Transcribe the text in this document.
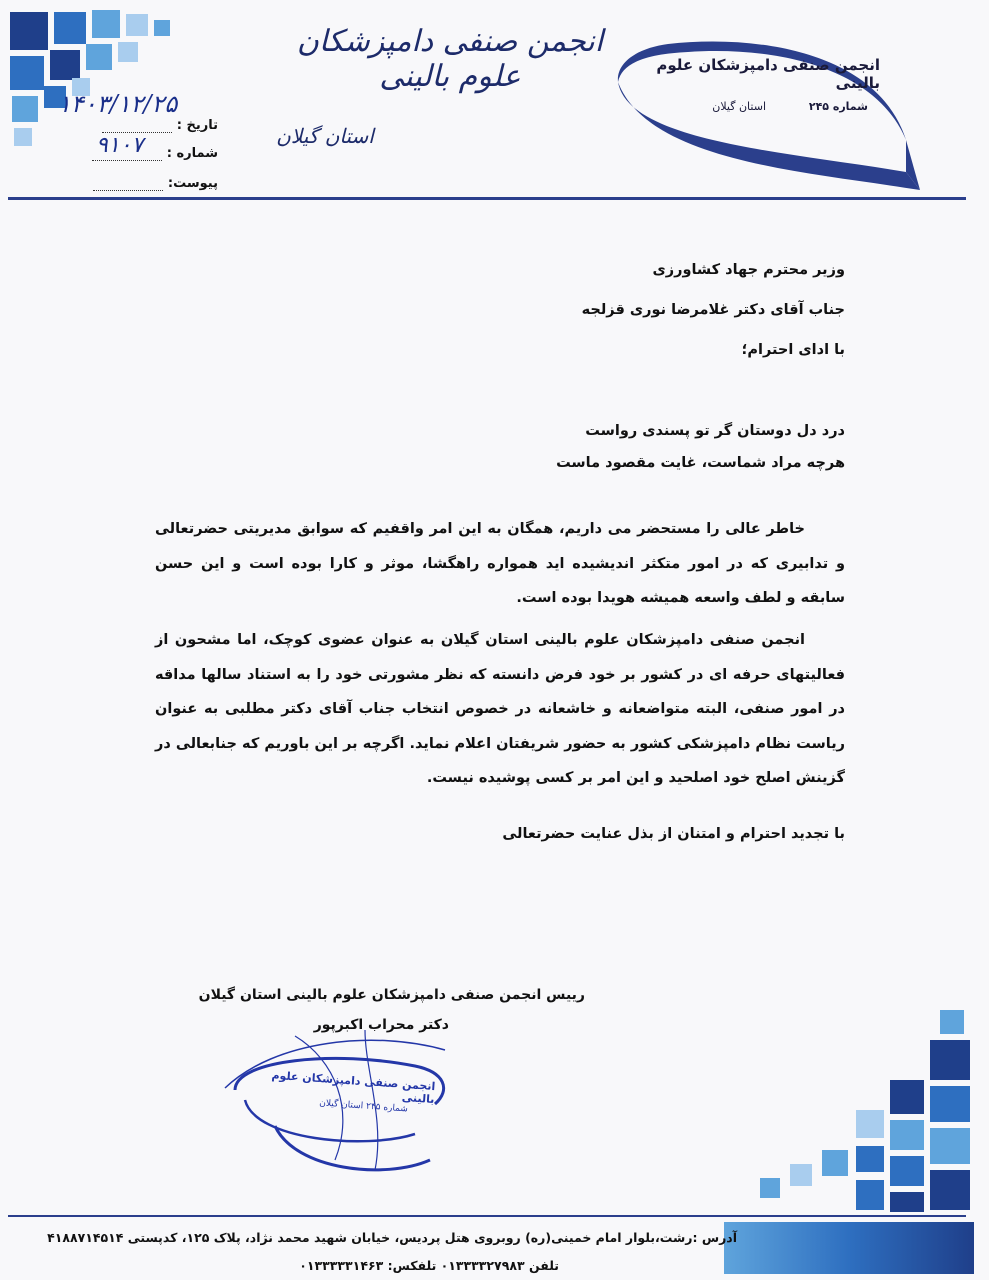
انجمن صنفی دامپزشکان علوم بالینی
استان گیلان
انجمن صنفی دامپزشکان علوم بالینی
شماره ۲۴۵
استان گیلان
تاریخ :
شماره :
پیوست:
۱۴۰۳/۱۲/۲۵
۹۱۰۷
وزیر محترم جهاد کشاورزی
جناب آقای دکتر غلامرضا نوری قزلجه
با ادای احترام؛
درد دل دوستان گر تو پسندی رواست
هرچه مراد شماست، غایت مقصود ماست
خاطر عالی را مستحضر می داریم، همگان به این امر واقفیم که سوابق مدیریتی حضرتعالی و تدابیری که در امور متکثر اندیشیده اید همواره راهگشا، موثر و کارا بوده است و این حسن سابقه و لطف واسعه همیشه هویدا بوده است.
انجمن صنفی دامپزشکان علوم بالینی استان گیلان به عنوان عضوی کوچک، اما مشحون از فعالیتهای حرفه ای در کشور بر خود فرض دانسته که نظر مشورتی خود را به استناد سالها مداقه در امور صنفی، البته متواضعانه و خاشعانه در خصوص انتخاب جناب آقای دکتر مطلبی به عنوان ریاست نظام دامپزشکی کشور به حضور شریفتان اعلام نماید. اگرچه بر این باوریم که جنابعالی در گزینش اصلح خود اصلحید و این امر بر کسی پوشیده نیست.
با تجدید احترام و امتنان از بذل عنایت حضرتعالی
رییس انجمن صنفی دامپزشکان علوم بالینی استان گیلان
دکتر محراب اکبرپور
انجمن صنفی دامپزشکان علوم بالینی
شماره ۲۴۵ استان گیلان
آدرس :رشت،بلوار امام خمینی(ره) روبروی هتل پردیس، خیابان شهید محمد نژاد، پلاک ۱۲۵، کدپستی ۴۱۸۸۷۱۴۵۱۴
تلفن ۰۱۳۳۳۳۲۷۹۸۳ تلفکس: ۰۱۳۳۳۳۳۱۴۶۳
